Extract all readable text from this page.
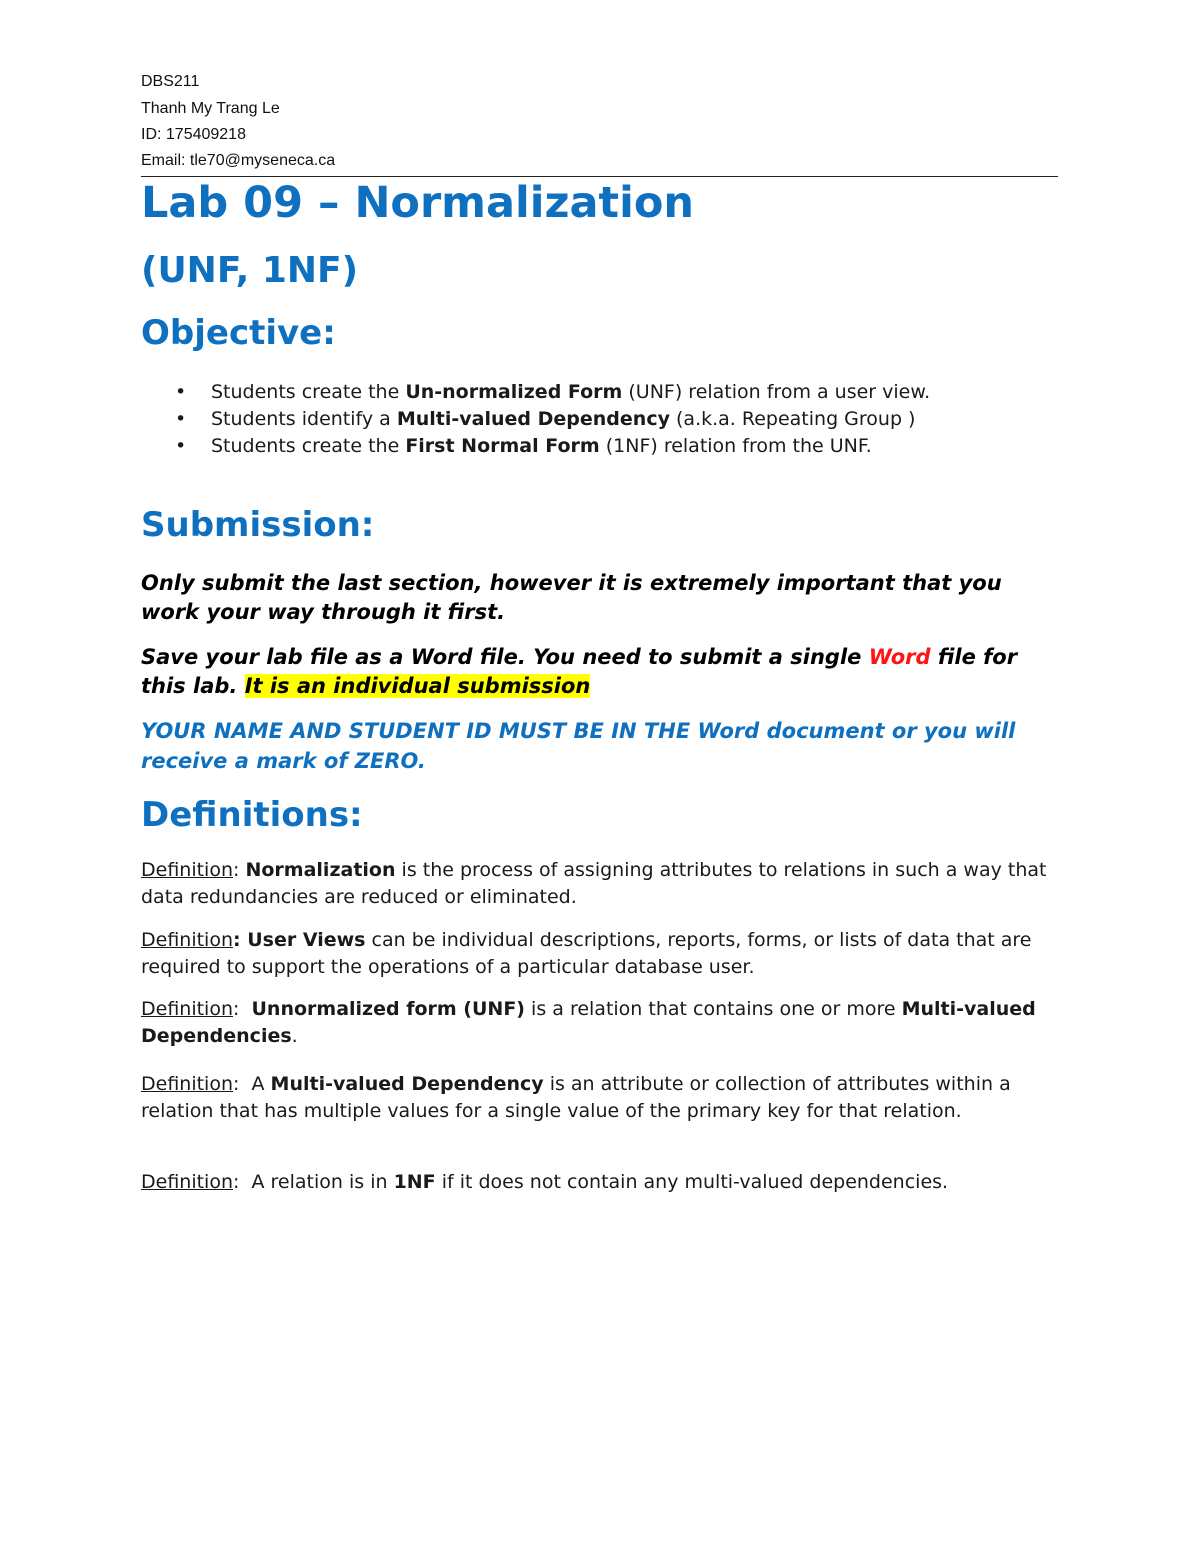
DBS211
Thanh My Trang Le
ID: 175409218
Email: tle70@myseneca.ca
Lab 09 – Normalization
(UNF, 1NF)
Objective:
• Students create the Un-normalized Form (UNF) relation from a user view.
• Students identify a Multi-valued Dependency (a.k.a. Repeating Group )
• Students create the First Normal Form (1NF) relation from the UNF.
Submission:

Only submit the last section, however it is extremely important that you work your way through it first.

Save your lab file as a Word file. You need to submit a single Word file for this lab. It is an individual submission

YOUR NAME AND STUDENT ID MUST BE IN THE Word document or you will receive a mark of ZERO.

Definitions:

Definition: Normalization is the process of assigning attributes to relations in such a way that data redundancies are reduced or eliminated.

Definition: User Views can be individual descriptions, reports, forms, or lists of data that are required to support the operations of a particular database user.

Definition:  Unnormalized form (UNF) is a relation that contains one or more Multi-valued Dependencies.

Definition:  A Multi-valued Dependency is an attribute or collection of attributes within a relation that has multiple values for a single value of the primary key for that relation.

Definition:  A relation is in 1NF if it does not contain any multi-valued dependencies.
